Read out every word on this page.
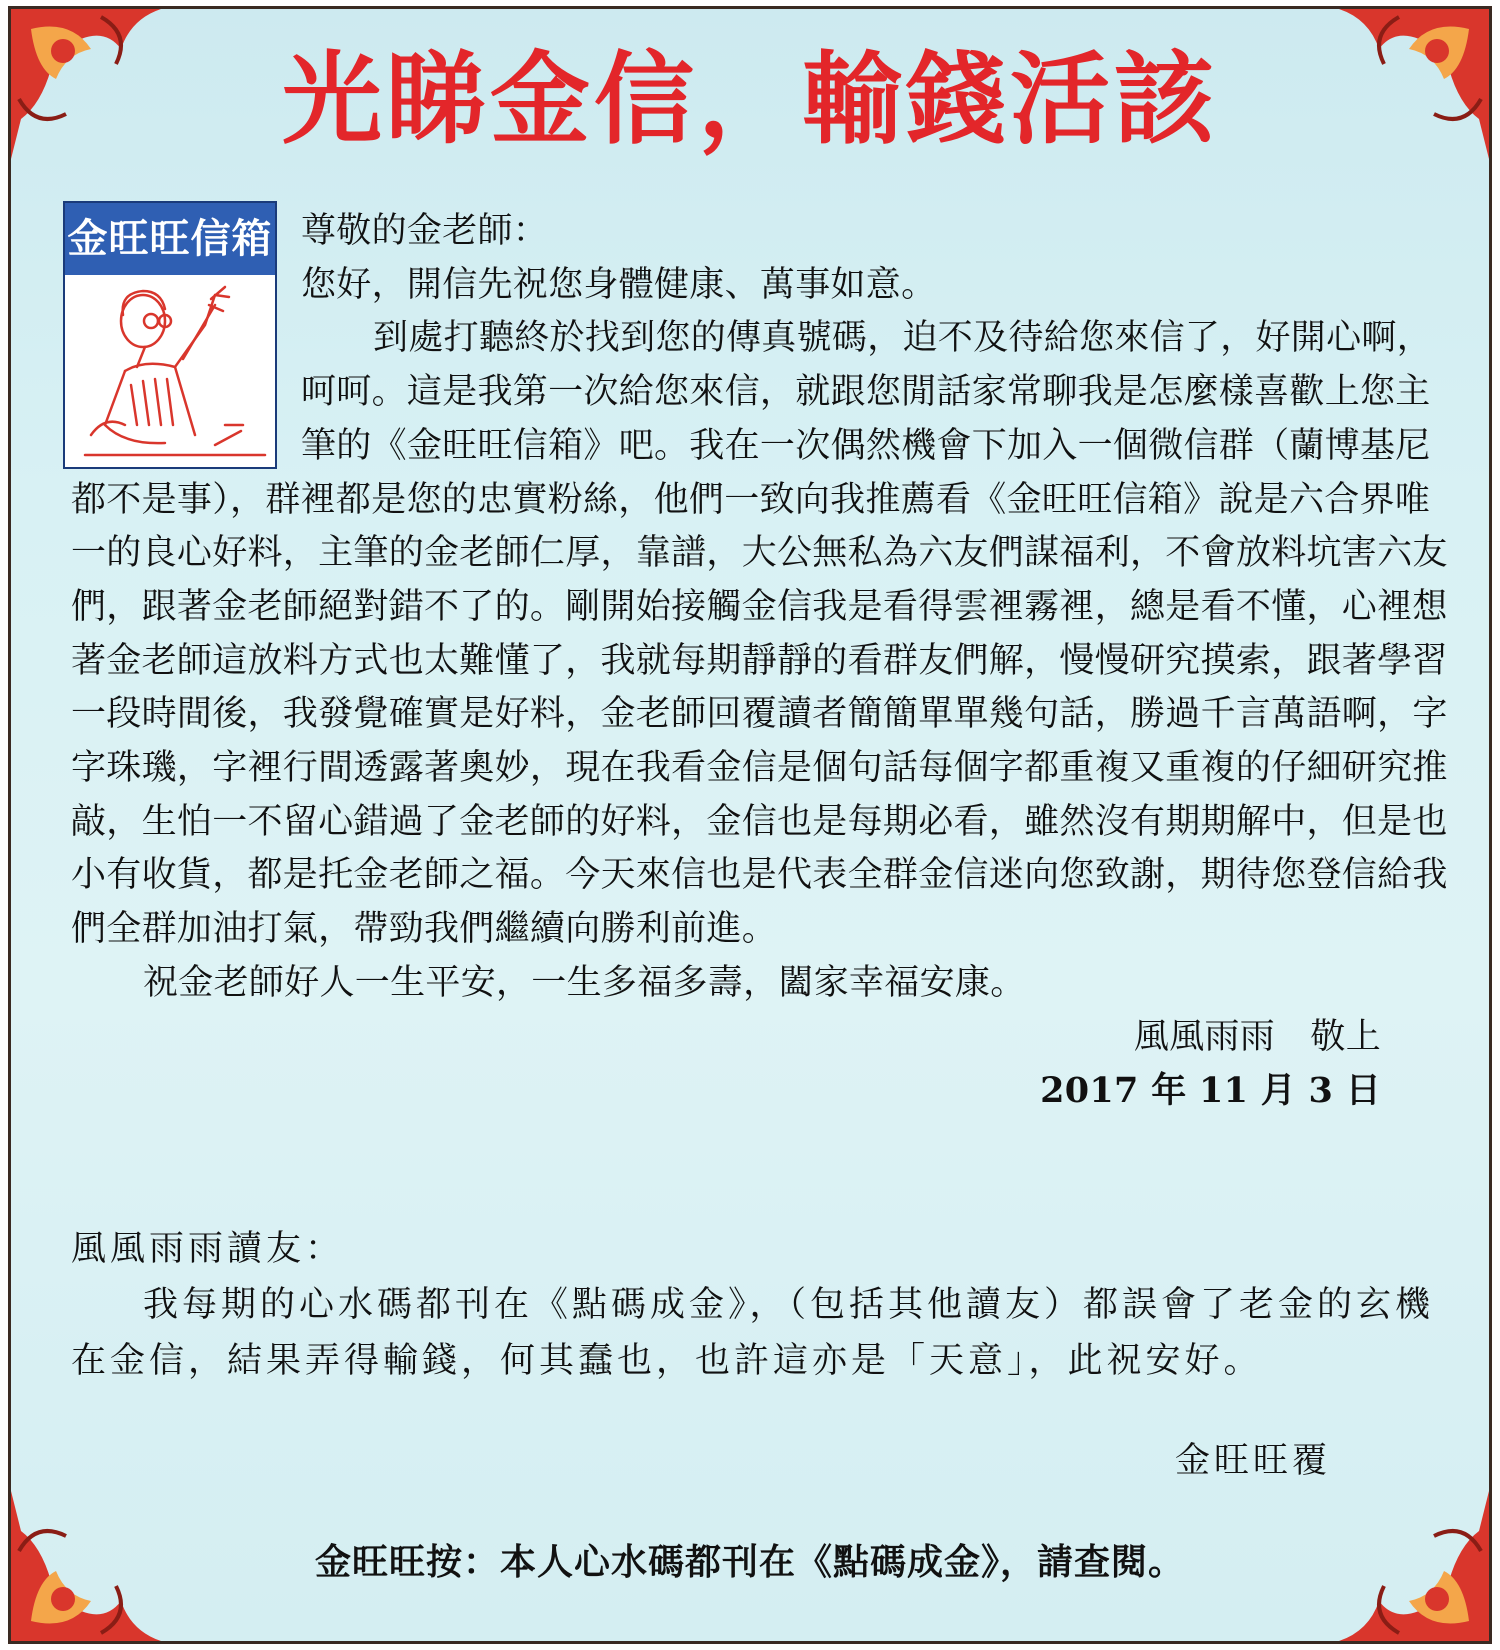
光睇金信，輸錢活該
金旺旺信箱 尊敬的金老師：

您好，開信先祝您身體健康、萬事如意。

到處打聽終於找到您的傳真號碼，迫不及待給您來信了，好開心啊，呵呵。這是我第一次給您來信，就跟您閒話家常聊我是怎麼樣喜歡上您主筆的《金旺旺信箱》吧。我在一次偶然機會下加入一個微信群（蘭博基尼都不是事），群裡都是您的忠實粉絲，他們一致向我推薦看《金旺旺信箱》說是六合界唯一的良心好料，主筆的金老師仁厚，靠譜，大公無私為六友們謀福利，不會放料坑害六友們，跟著金老師絕對錯不了的。剛開始接觸金信我是看得雲裡霧裡，總是看不懂，心裡想著金老師這放料方式也太難懂了，我就每期靜靜的看群友們解，慢慢研究摸索，跟著學習一段時間後，我發覺確實是好料，金老師回覆讀者簡簡單單幾句話，勝過千言萬語啊，字字珠璣，字裡行間透露著奧妙，現在我看金信是個句話每個字都重複又重複的仔細研究推敲，生怕一不留心錯過了金老師的好料，金信也是每期必看，雖然沒有期期解中，但是也小有收貨，都是托金老師之福。今天來信也是代表全群金信迷向您致謝，期待您登信給我們全群加油打氣，帶勁我們繼續向勝利前進。

祝金老師好人一生平安，一生多福多壽，闔家幸福安康。

風風雨雨　敬上

2017 年 11 月 3 日

風風雨雨讀友：

我每期的心水碼都刊在《點碼成金》，（包括其他讀友）都誤會了老金的玄機在金信，結果弄得輸錢，何其蠢也，也許這亦是「天意」，此祝安好。

金旺旺覆

金旺旺按：本人心水碼都刊在《點碼成金》，請查閱。
